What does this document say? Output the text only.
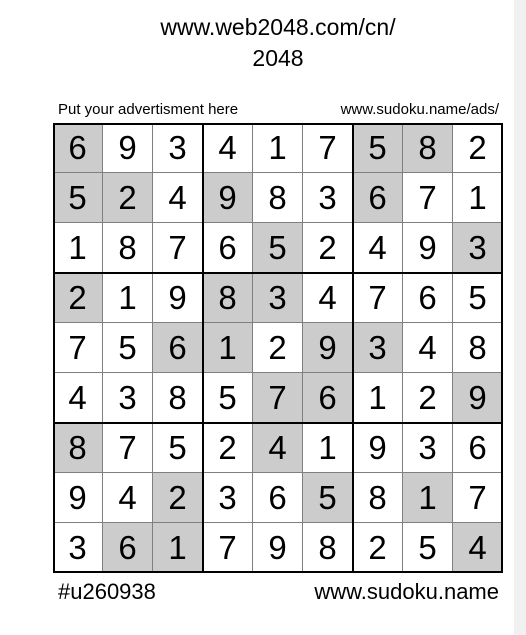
www.web2048.com/cn/
2048
Put your advertisment here	www.sudoku.name/ads/
6 9 3 4 1 7 5 8 2
5 2 4 9 8 3 6 7 1
1 8 7 6 5 2 4 9 3
2 1 9 8 3 4 7 6 5
7 5 6 1 2 9 3 4 8
4 3 8 5 7 6 1 2 9
8 7 5 2 4 1 9 3 6
9 4 2 3 6 5 8 1 7
3 6 1 7 9 8 2 5 4
#u260938	www.sudoku.name
